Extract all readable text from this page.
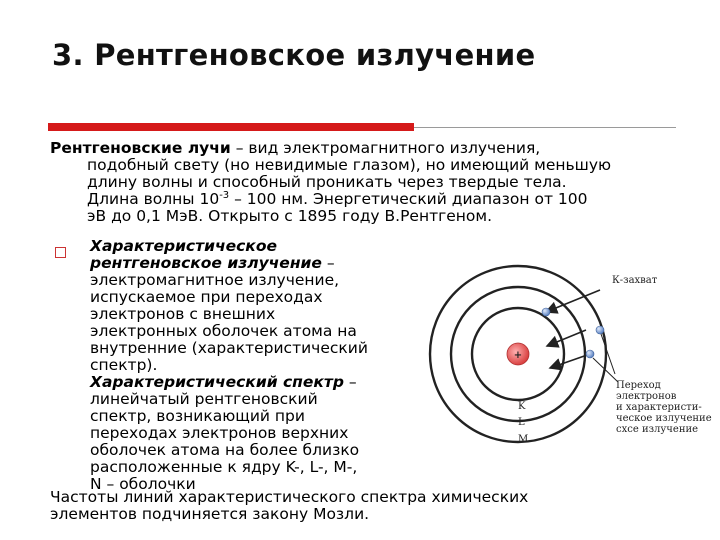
3. Рентгеновское излучение
Рентгеновские лучи – вид электромагнитного излучения,
подобный свету (но невидимые глазом), но имеющий меньшую
длину волны и способный проникать через твердые тела.
Длина волны $10^{-3} - 100$ нм. Энергетический диапазон от 100
эВ до 0,1 МэВ. Открыто с 1895 году В.Рентгеном.
Характеристическое
рентгеновское излучение –
электромагнитное излучение,
испускаемое при переходах
электронов с внешних
электронных оболочек атома на
внутренние (характеристический
спектр).
Характеристический спектр –
линейчатый рентгеновский
спектр, возникающий при
переходах электронов верхних
оболочек атома на более близко
расположенные к ядру K-, L-, M-,
N – оболочки
+
К-захват
Переход
электронов
и характеристи-
ческое излучение
сxсе излучение
K
L
M
Частоты линий характеристического спектра химических
элементов подчиняется закону Мозли.
